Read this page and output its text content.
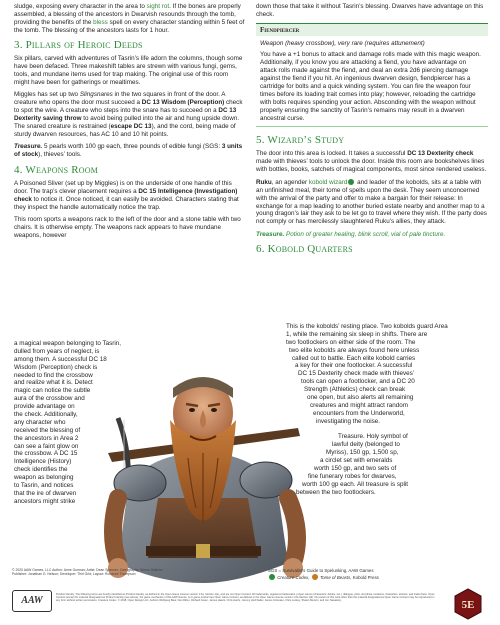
sludge, exposing every character in the area to sight rot. If the bones are properly assembled, a blessing of the ancestors in Dwarvish resounds through the tomb, providing the benefits of the bless spell on every character standing within 5 feet of the tomb. The blessing of the ancestors lasts for 1 hour.

3. Pillars of Heroic Deeds

Six pillars, carved with adventures of Tasrin’s life adorn the columns, though some have been defaced. Three makeshift tables are strewn with various fungi, gems, tools, and mundane items used for trap making. The original use of this room might have been for gatherings or mealtimes.

Miggles has set up two Slingsnares in the two squares in front of the door. A creature who opens the door must succeed a DC 13 Wisdom (Perception) check to spot the wire. A creature who steps into the snare has to succeed on a DC 13 Dexterity saving throw to avoid being pulled into the air and hung upside down. The snared creature is restrained (escape DC 13), and the cord, being made of sturdy dwarven resources, has AC 10 and 10 hit points.

Treasure. 5 pearls worth 100 gp each, three pounds of edible fungi (SGS: 3 units of stock), thieves’ tools.

4. Weapons Room

A Poisoned Sliver (set up by Miggles) is on the underside of one handle of this door. The trap’s clever placement requires a DC 15 Intelligence (Investigation) check to notice it. Once noticed, it can easily be avoided. Characters stating that they inspect the handle automatically notice the trap.

This room sports a weapons rack to the left of the door and a stone table with two chairs. It is otherwise empty. The weapons rack appears to have mundane weapons, however

a magical weapon belonging to Tasrin,
dulled from years of neglect, is
among them. A successful DC 18
Wisdom (Perception) check is
needed to find the crossbow
and realize what it is. Detect
magic can notice the subtle
aura of the crossbow and
provide advantage on
the check. Additionally,
any character who
received the blessing of
the ancestors in Area 2
can see a faint glow on
the crossbow. A DC 15
Intelligence (History)
check identifies the
weapon as belonging
to Tasrin, and notices
that the ire of dwarven
ancestors might strike

down those that take it without Tasrin’s blessing. Dwarves have advantage on this check.

Fiendpiercer
Weapon (heavy crossbow), very rare (requires attunement)
You have a +1 bonus to attack and damage rolls made with this magic weapon. Additionally, if you know you are attacking a fiend, you have advantage on attack rolls made against the fiend, and deal an extra 2d6 piercing damage against the fiend if you hit. An ingenious dwarven design, fiendpiercer has a cartridge for bolts and a quick winding system. You can fire the weapon four times before its loading trait comes into play; however, reloading the cartridge with bolts requires spending your action. Absconding with the weapon without properly ensuring the sanctity of Tasrin’s remains may result in a dwarven ancestral curse.
5. Wizard’s Study

The door into this area is locked. It takes a successful DC 13 Dexterity check made with thieves’ tools to unlock the door. Inside this room are bookshelves lines with bottles, books, satchels of magical components, most since rendered useless.

Ruku, an agender kobold wizard and leader of the kobolds, sits at a table with an unfinished meal, their tome of spells upon the desk. They seem unconcerned with the arrival of the party and offer to make a bargain for their release: In exchange for a map leading to another buried estate nearby and another map to a young dragon’s lair they ask to be let go to travel where they wish. If the party does not comply or has mercilessly slaughtered Ruku’s allies, they attack.

Treasure. Potion of greater healing, blink scroll, vial of pale tincture.

6. Kobold Quarters
This is the kobolds’ resting place. Two kobolds guard Area
1, while the remaining six sleep in shifts. There are
two footlockers on either side of the room. The
two elite kobolds are always found here unless
called out to battle. Each elite kobold carries
a key for their one footlocker. A successful
DC 15 Dexterity check made with thieves’
tools can open a footlocker, and a DC 20
Strength (Athletics) check can break
one open, but also alerts all remaining
creatures and might attract random
encounters from the Underworld,
investigating the noise.

Treasure. Holy symbol of
lawful deity (belonged to
Myriss), 150 gp, 1,500 sp,
a circlet set with emeralds
worth 150 gp, and two sets of
fine funerary robes for dwarves,
worth 100 gp each. All treasure is split
between the two footlockers.
© 2020 AAW Games, LLC Author: Anne Gurman; Artist: Dean Spencer; Cartography: Simon Salerno Publisher: Jonathan G. Nelson; Developer: Thiri Grid; Layout: Roxanne Thompson
AAW
SGS = Survivalist’s Guide to Spelunking, AAW Games
Creature Codex, Tome of Beasts, Kobold Press
Product Identity: The following items are hereby identified as Product Identity, as defined in the Open Game License version 1.0a, Section 1(e), and are not Open Content: All trademarks, registered trademarks, proper names (characters, deities, etc.), dialogue, plots, storylines, locations, characters, artwork, and trade dress. Open Content: Except for material designated as Product Identity (see above), the game mechanics of this AAW Games, LLC game product are Open Game Content, as defined in the Open Game License version 1.0a Section 1(d). No portion of this work other than the material designated as Open Game Content may be reproduced in any form without written permission. Creature Codex. © 2018, Open Design LLC; Authors Wolfgang Baur, Dan Dillon, Richard Green, James Haeck, Chris Harris, Jeremy Hochhalter, James Introcaso, Chris Lockey, Shawn Merwin, and Jon Sawatsky.	5E
